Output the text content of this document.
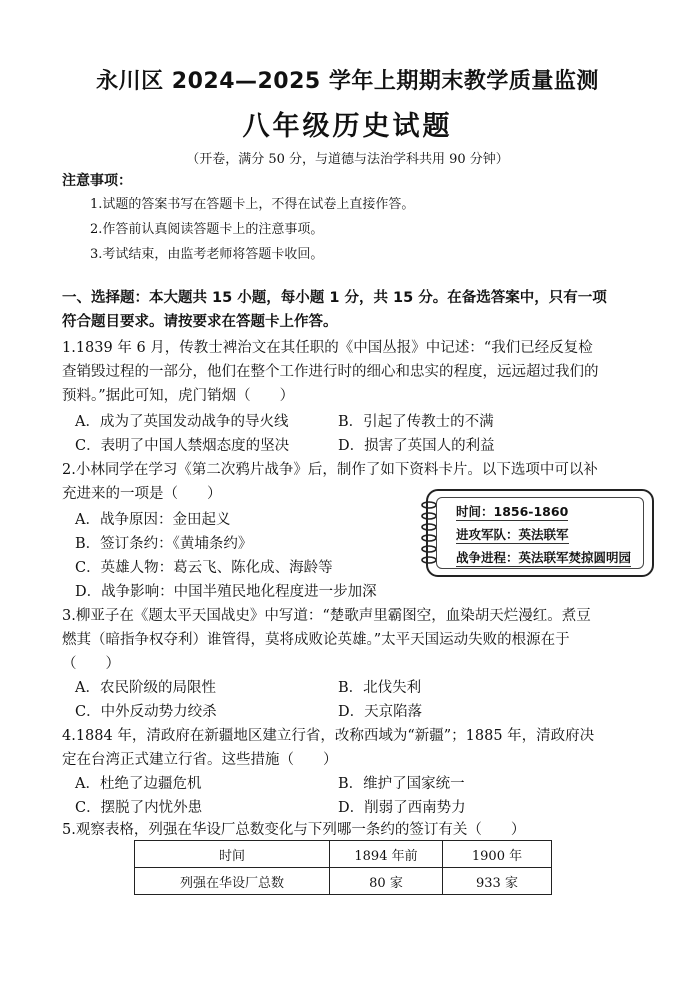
永川区 2024—2025 学年上期期末教学质量监测
八年级历史试题
（开卷，满分 50 分，与道德与法治学科共用 90 分钟）
注意事项：
1.试题的答案书写在答题卡上，不得在试卷上直接作答。
2.作答前认真阅读答题卡上的注意事项。
3.考试结束，由监考老师将答题卡收回。
一、选择题：本大题共 15 小题，每小题 1 分，共 15 分。在备选答案中，只有一项
符合题目要求。请按要求在答题卡上作答。
1.1839 年 6 月，传教士裨治文在其任职的《中国丛报》中记述：“我们已经反复检
查销毁过程的一部分，他们在整个工作进行时的细心和忠实的程度，远远超过我们的
预料。”据此可知，虎门销烟（　　）
A．成为了英国发动战争的导火线	B．引起了传教士的不满
C．表明了中国人禁烟态度的坚决	D．损害了英国人的利益
2.小林同学在学习《第二次鸦片战争》后，制作了如下资料卡片。以下选项中可以补
充进来的一项是（　　）
A．战争原因：金田起义
B．签订条约：《黄埔条约》
C．英雄人物：葛云飞、陈化成、海龄等
D．战争影响：中国半殖民地化程度进一步加深
时间：1856-1860
进攻军队：英法联军
战争进程：英法联军焚掠圆明园
3.柳亚子在《题太平天国战史》中写道：“楚歌声里霸图空，血染胡天烂漫红。煮豆
燃萁（暗指争权夺利）谁管得，莫将成败论英雄。”太平天国运动失败的根源在于
（　　）
A．农民阶级的局限性	B．北伐失利
C．中外反动势力绞杀	D．天京陷落
4.1884 年，清政府在新疆地区建立行省，改称西域为“新疆”；1885 年，清政府决
定在台湾正式建立行省。这些措施（　　）
A．杜绝了边疆危机	B．维护了国家统一
C．摆脱了内忧外患	D．削弱了西南势力
5.观察表格，列强在华设厂总数变化与下列哪一条约的签订有关（　　）
时间	1894 年前	1900 年
列强在华设厂总数	80 家	933 家
